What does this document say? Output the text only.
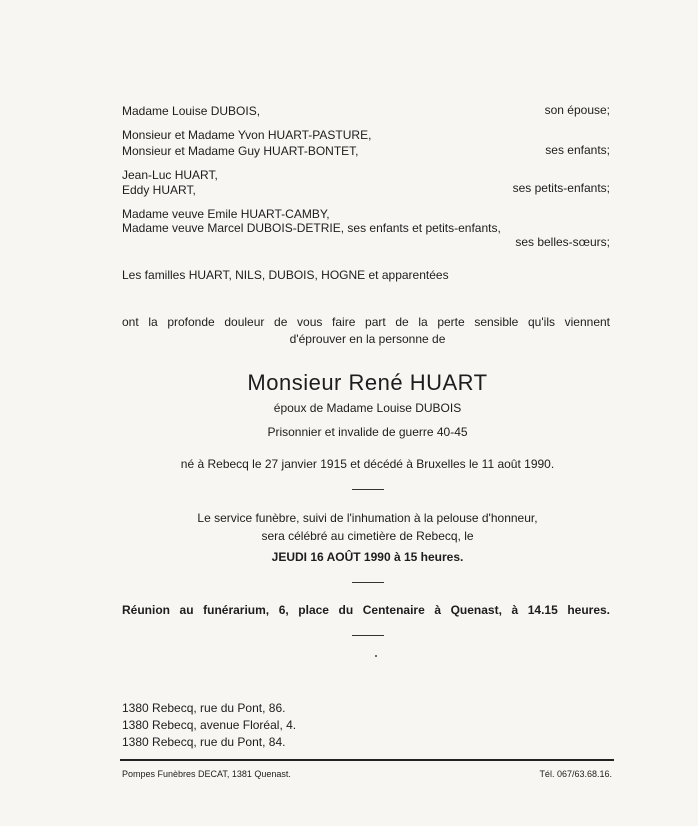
Madame Louise DUBOIS,	son épouse;
Monsieur et Madame Yvon HUART-PASTURE,
Monsieur et Madame Guy HUART-BONTET,	ses enfants;
Jean-Luc HUART,
Eddy HUART,	ses petits-enfants;
Madame veuve Emile HUART-CAMBY,
Madame veuve Marcel DUBOIS-DETRIE, ses enfants et petits-enfants,
ses belles-sœurs;
Les familles HUART, NILS, DUBOIS, HOGNE et apparentées
ont la profonde douleur de vous faire part de la perte sensible qu'ils viennent
d'éprouver en la personne de
Monsieur René HUART
époux de Madame Louise DUBOIS
Prisonnier et invalide de guerre 40-45
né à Rebecq le 27 janvier 1915 et décédé à Bruxelles le 11 août 1990.
Le service funèbre, suivi de l'inhumation à la pelouse d'honneur,
sera célébré au cimetière de Rebecq, le
JEUDI 16 AOÛT 1990 à 15 heures.
Réunion au funérarium, 6, place du Centenaire à Quenast, à 14.15 heures.
1380 Rebecq, rue du Pont, 86.
1380 Rebecq, avenue Floréal, 4.
1380 Rebecq, rue du Pont, 84.
Pompes Funèbres DECAT, 1381 Quenast.	Tél. 067/63.68.16.
